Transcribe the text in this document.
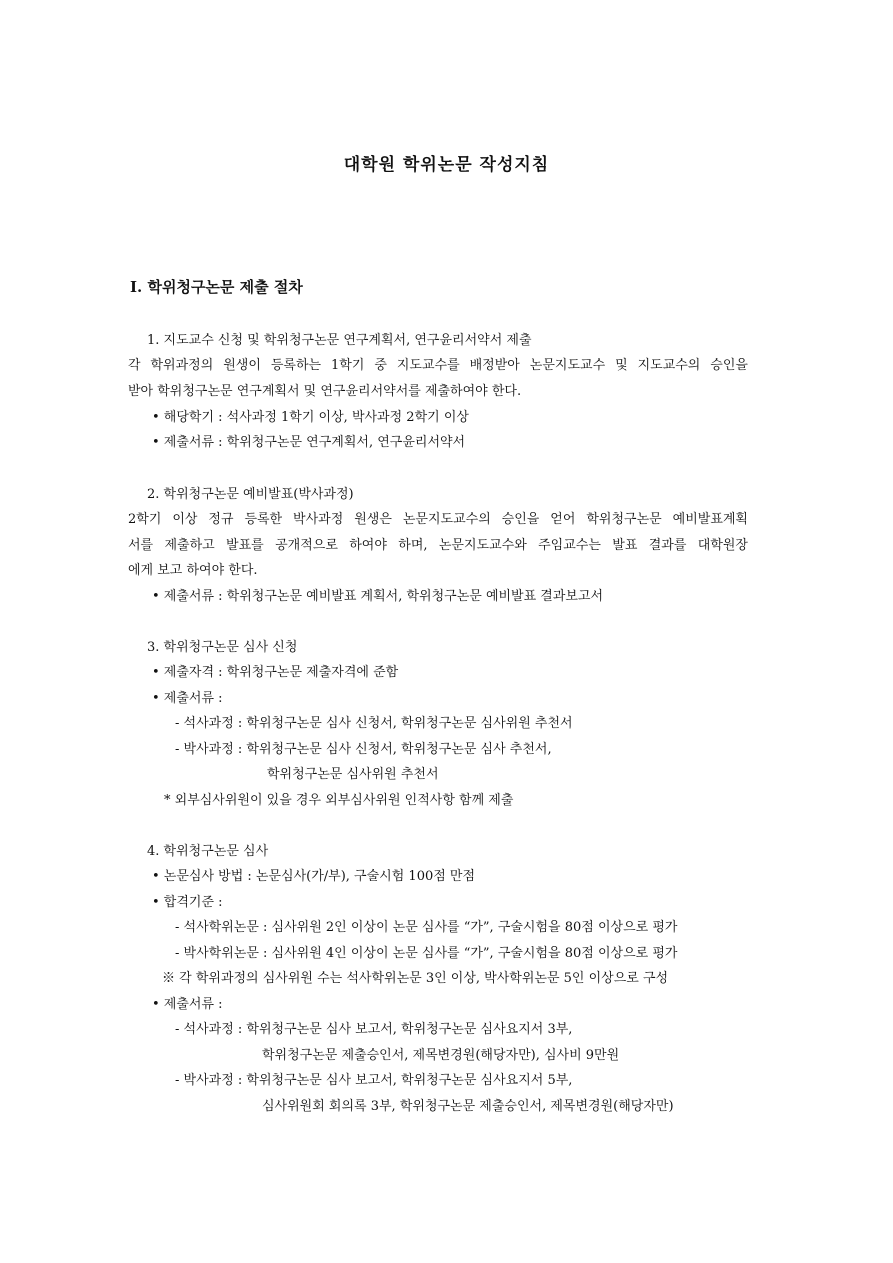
대학원 학위논문 작성지침
Ⅰ. 학위청구논문 제출 절차
1. 지도교수 신청 및 학위청구논문 연구계획서, 연구윤리서약서 제출
각 학위과정의 원생이 등록하는 1학기 중 지도교수를 배정받아 논문지도교수 및 지도교수의 승인을
받아 학위청구논문 연구계획서 및 연구윤리서약서를 제출하여야 한다.
• 해당학기 : 석사과정 1학기 이상, 박사과정 2학기 이상
• 제출서류 : 학위청구논문 연구계획서, 연구윤리서약서
2. 학위청구논문 예비발표(박사과정)
2학기 이상 정규 등록한 박사과정 원생은 논문지도교수의 승인을 얻어 학위청구논문 예비발표계획
서를 제출하고 발표를 공개적으로 하여야 하며, 논문지도교수와 주임교수는 발표 결과를 대학원장
에게 보고 하여야 한다.
• 제출서류 : 학위청구논문 예비발표 계획서, 학위청구논문 예비발표 결과보고서
3. 학위청구논문 심사 신청
• 제출자격 : 학위청구논문 제출자격에 준함
• 제출서류 :
- 석사과정 : 학위청구논문 심사 신청서, 학위청구논문 심사위원 추천서
- 박사과정 : 학위청구논문 심사 신청서, 학위청구논문 심사 추천서,
학위청구논문 심사위원 추천서
* 외부심사위원이 있을 경우 외부심사위원 인적사항 함께 제출
4. 학위청구논문 심사
• 논문심사 방법 : 논문심사(가/부), 구술시험 100점 만점
• 합격기준 :
- 석사학위논문 : 심사위원 2인 이상이 논문 심사를 “가”, 구술시험을 80점 이상으로 평가
- 박사학위논문 : 심사위원 4인 이상이 논문 심사를 “가”, 구술시험을 80점 이상으로 평가
※ 각 학위과정의 심사위원 수는 석사학위논문 3인 이상, 박사학위논문 5인 이상으로 구성
• 제출서류 :
- 석사과정 : 학위청구논문 심사 보고서, 학위청구논문 심사요지서 3부,
학위청구논문 제출승인서, 제목변경원(해당자만), 심사비 9만원
- 박사과정 : 학위청구논문 심사 보고서, 학위청구논문 심사요지서 5부,
심사위원회 회의록 3부, 학위청구논문 제출승인서, 제목변경원(해당자만)
